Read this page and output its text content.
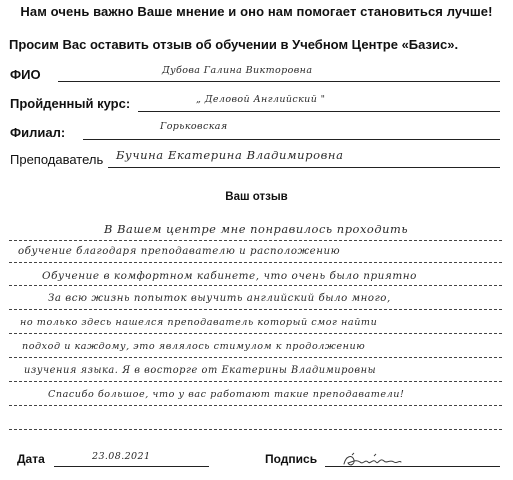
Нам очень важно Ваше мнение и оно нам помогает становиться лучше!
Просим Вас оставить отзыв об обучении в Учебном Центре «Базис».
ФИО	Дубова Галина Викторовна
Пройденный курс:	„ Деловой Английский "
Филиал:	Горьковская
Преподаватель Бучина Екатерина Владимировна
Ваш отзыв
В Вашем центре мне понравилось проходить
обучение благодаря преподавателю и расположению
Обучение в комфортном кабинете, что очень было приятно
За всю жизнь попыток выучить английский было много,
но только здесь нашелся преподаватель который смог найти
подход и каждому, это являлось стимулом к продолжению
изучения языка. Я в восторге от Екатерины Владимировны
Спасибо большое, что у вас работают такие преподаватели!
Дата	23.08.2021	Подпись
